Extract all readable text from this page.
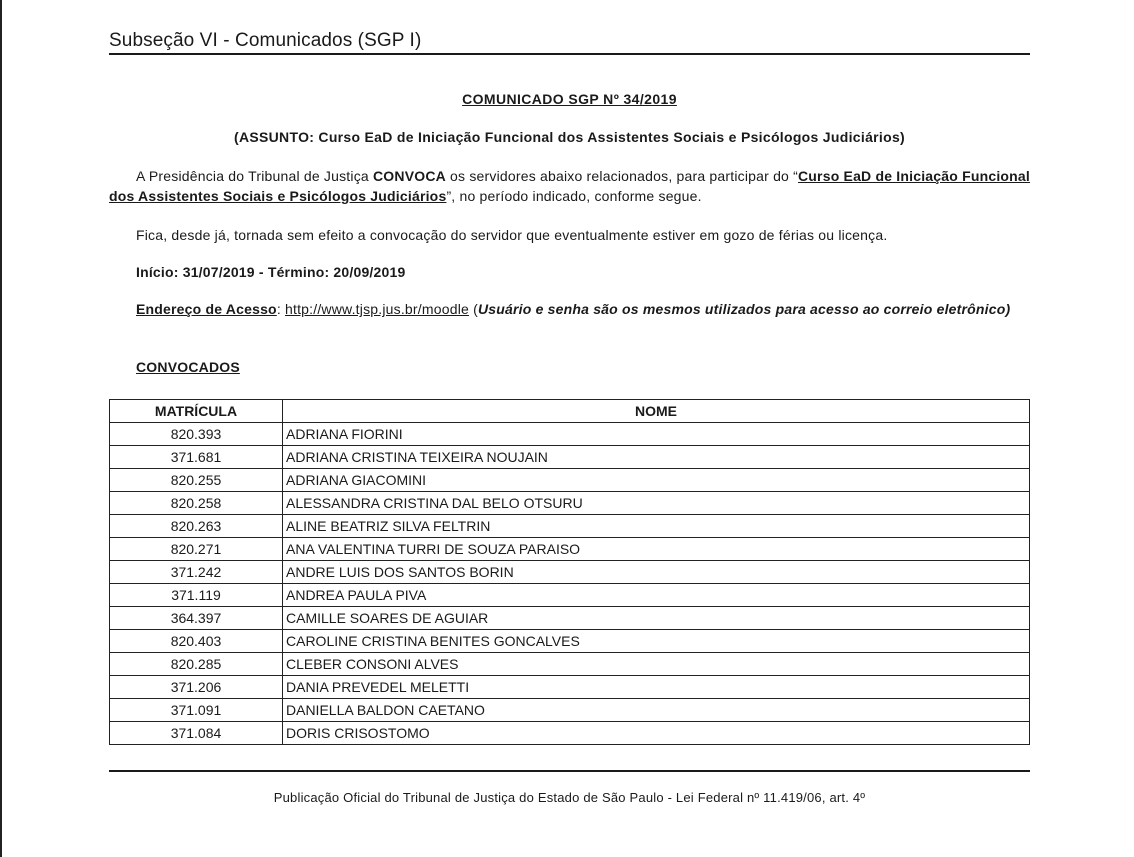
Subseção VI - Comunicados (SGP I)
COMUNICADO SGP Nº 34/2019
(ASSUNTO: Curso EaD de Iniciação Funcional dos Assistentes Sociais e Psicólogos Judiciários)

A Presidência do Tribunal de Justiça CONVOCA os servidores abaixo relacionados, para participar do “Curso EaD de Iniciação Funcional dos Assistentes Sociais e Psicólogos Judiciários”, no período indicado, conforme segue.

Fica, desde já, tornada sem efeito a convocação do servidor que eventualmente estiver em gozo de férias ou licença.

Início: 31/07/2019 - Término: 20/09/2019

Endereço de Acesso: http://www.tjsp.jus.br/moodle (Usuário e senha são os mesmos utilizados para acesso ao correio eletrônico)

CONVOCADOS

MATRÍCULA	NOME
820.393	ADRIANA FIORINI
371.681	ADRIANA CRISTINA TEIXEIRA NOUJAIN
820.255	ADRIANA GIACOMINI
820.258	ALESSANDRA CRISTINA DAL BELO OTSURU
820.263	ALINE BEATRIZ SILVA FELTRIN
820.271	ANA VALENTINA TURRI DE SOUZA PARAISO
371.242	ANDRE LUIS DOS SANTOS BORIN
371.119	ANDREA PAULA PIVA
364.397	CAMILLE SOARES DE AGUIAR
820.403	CAROLINE CRISTINA BENITES GONCALVES
820.285	CLEBER CONSONI ALVES
371.206	DANIA PREVEDEL MELETTI
371.091	DANIELLA BALDON CAETANO
371.084	DORIS CRISOSTOMO
Publicação Oficial do Tribunal de Justiça do Estado de São Paulo - Lei Federal nº 11.419/06, art. 4º
